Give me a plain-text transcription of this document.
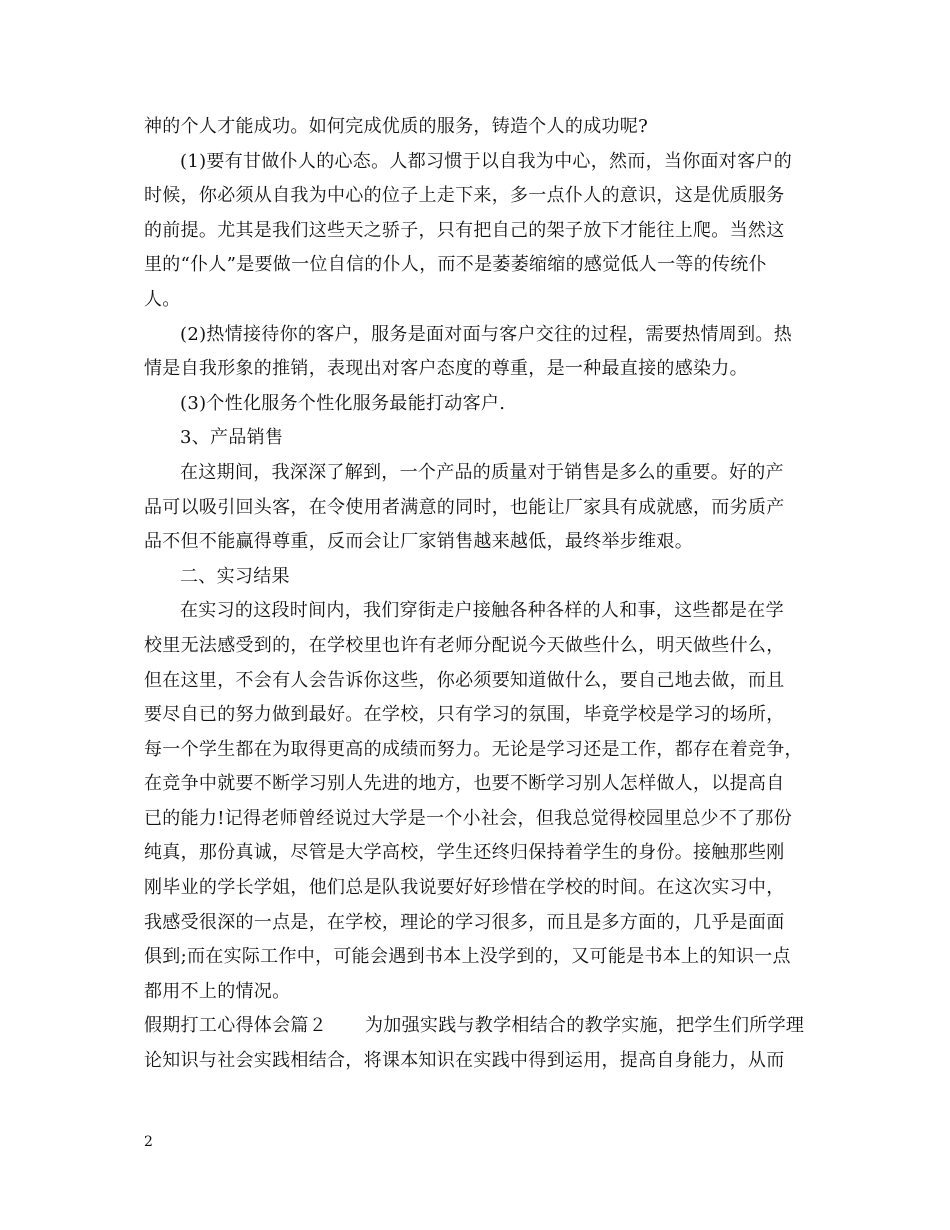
神的个人才能成功。如何完成优质的服务，铸造个人的成功呢?
(1)要有甘做仆人的心态。人都习惯于以自我为中心，然而，当你面对客户的
时候，你必须从自我为中心的位子上走下来，多一点仆人的意识，这是优质服务
的前提。尤其是我们这些天之骄子，只有把自己的架子放下才能往上爬。当然这
里的“仆人”是要做一位自信的仆人，而不是萎萎缩缩的感觉低人一等的传统仆
人。
(2)热情接待你的客户，服务是面对面与客户交往的过程，需要热情周到。热
情是自我形象的推销，表现出对客户态度的尊重，是一种最直接的感染力。
(3)个性化服务个性化服务最能打动客户.
3、产品销售
在这期间，我深深了解到，一个产品的质量对于销售是多么的重要。好的产
品可以吸引回头客，在令使用者满意的同时，也能让厂家具有成就感，而劣质产
品不但不能赢得尊重，反而会让厂家销售越来越低，最终举步维艰。
二、实习结果
在实习的这段时间内，我们穿街走户接触各种各样的人和事，这些都是在学
校里无法感受到的，在学校里也许有老师分配说今天做些什么，明天做些什么，
但在这里，不会有人会告诉你这些，你必须要知道做什么，要自己地去做，而且
要尽自已的努力做到最好。在学校，只有学习的氛围，毕竟学校是学习的场所，
每一个学生都在为取得更高的成绩而努力。无论是学习还是工作，都存在着竞争，
在竞争中就要不断学习别人先进的地方，也要不断学习别人怎样做人，以提高自
已的能力!记得老师曾经说过大学是一个小社会，但我总觉得校园里总少不了那份
纯真，那份真诚，尽管是大学高校，学生还终归保持着学生的身份。接触那些刚
刚毕业的学长学姐，他们总是队我说要好好珍惜在学校的时间。在这次实习中，
我感受很深的一点是，在学校，理论的学习很多，而且是多方面的，几乎是面面
俱到;而在实际工作中，可能会遇到书本上没学到的，又可能是书本上的知识一点
都用不上的情况。
假期打工心得体会篇２ 为加强实践与教学相结合的教学实施，把学生们所学理
论知识与社会实践相结合，将课本知识在实践中得到运用，提高自身能力，从而
2
